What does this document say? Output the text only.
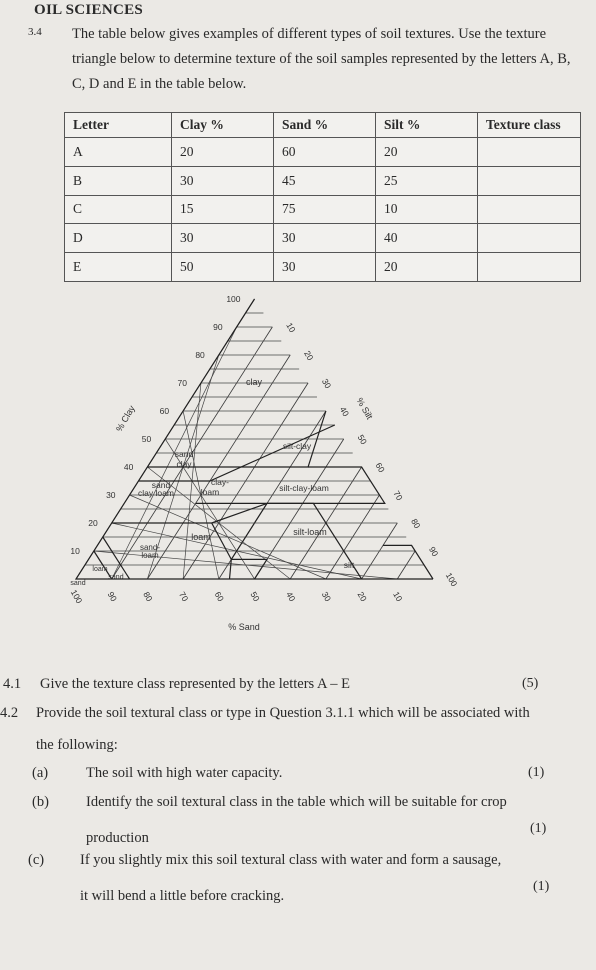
OIL SCIENCES
3.4 The table below gives examples of different types of soil textures. Use the texture triangle below to determine texture of the soil samples represented by the letters A, B, C, D and E in the table below.
Letter	Clay %	Sand %	Silt %	Texture class
A	20	60	20	
B	30	45	25	
C	15	75	10	
D	30	30	40	
E	50	30	20	
100
10
100
90
20
90
80
30
80
70
40
70
60
50
60
50
60
50
40
70
40
30
80
30
20
90
20
10
100
10
% Clay	% Silt
% Sand
clay
silt-clay
sand
clay
silt-clay-loam
clay-
loam
sand
clay loam
loam	silt-loam
sand-
loam
silt
loam
sand
sand
4.1 Give the texture class represented by the letters A – E	(5)
4.2 Provide the soil textural class or type in Question 3.1.1 which will be associated with
the following:
(a)	The soil with high water capacity.	(1)
(b)	Identify the soil textural class in the table which will be suitable for crop
production
(1)
(c) If you slightly mix this soil textural class with water and form a sausage,
it will bend a little before cracking.
(1)
